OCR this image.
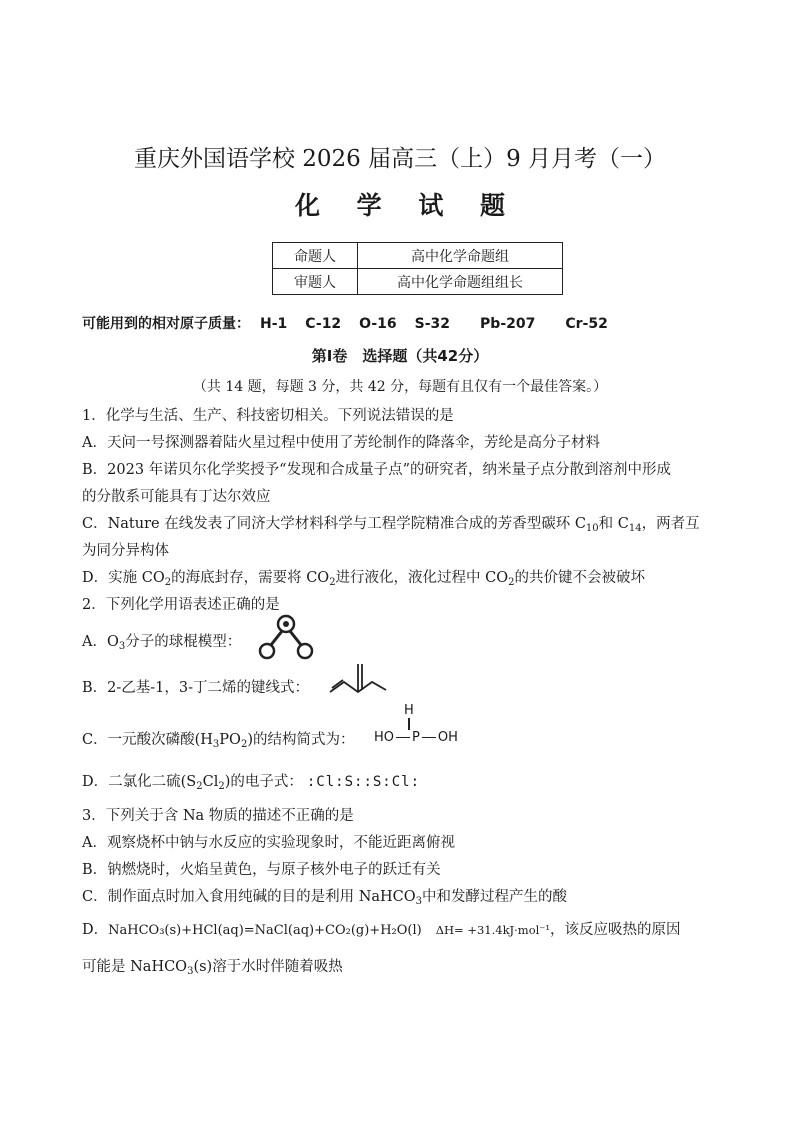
重庆外国语学校 2026 届高三（上）9 月月考（一）
化 学 试 题
命题人	高中化学命题组
审题人	高中化学命题组组长
可能用到的相对原子质量： H-1 C-12 O-16 S-32 Pb-207 Cr-52
第Ⅰ卷　选择题（共42分）
（共 14 题，每题 3 分，共 42 分，每题有且仅有一个最佳答案。）
1．化学与生活、生产、科技密切相关。下列说法错误的是
A．天问一号探测器着陆火星过程中使用了芳纶制作的降落伞，芳纶是高分子材料
B．2023 年诺贝尔化学奖授予“发现和合成量子点”的研究者，纳米量子点分散到溶剂中形成
的分散系可能具有丁达尔效应
C．Nature 在线发表了同济大学材料科学与工程学院精准合成的芳香型碳环 $C_{10}$和 $C_{14}$，两者互
为同分异构体
D．实施 $CO_2$的海底封存，需要将 $CO_2$进行液化，液化过程中 $CO_2$的共价键不会被破坏
2．下列化学用语表述正确的是
A．$O_3$分子的球棍模型：
B．2-乙基-1，3-丁二烯的键线式：
C．一元酸次磷酸$(H_3PO_2)$的结构简式为：
H
HO P OH
D．二氯化二硫$(S_2Cl_2)$的电子式： :Cl:S::S:Cl:
3．下列关于含 Na 物质的描述不正确的是
A．观察烧杯中钠与水反应的实验现象时，不能近距离俯视
B．钠燃烧时，火焰呈黄色，与原子核外电子的跃迁有关
C．制作面点时加入食用纯碱的目的是利用 NaHCO$_3$中和发酵过程产生的酸
D．NaHCO₃(s)+HCl(aq)=NaCl(aq)+CO₂(g)+H₂O(l) ΔH= +31.4kJ·mol⁻¹，该反应吸热的原因
可能是 NaHCO$_3$(s)溶于水时伴随着吸热
